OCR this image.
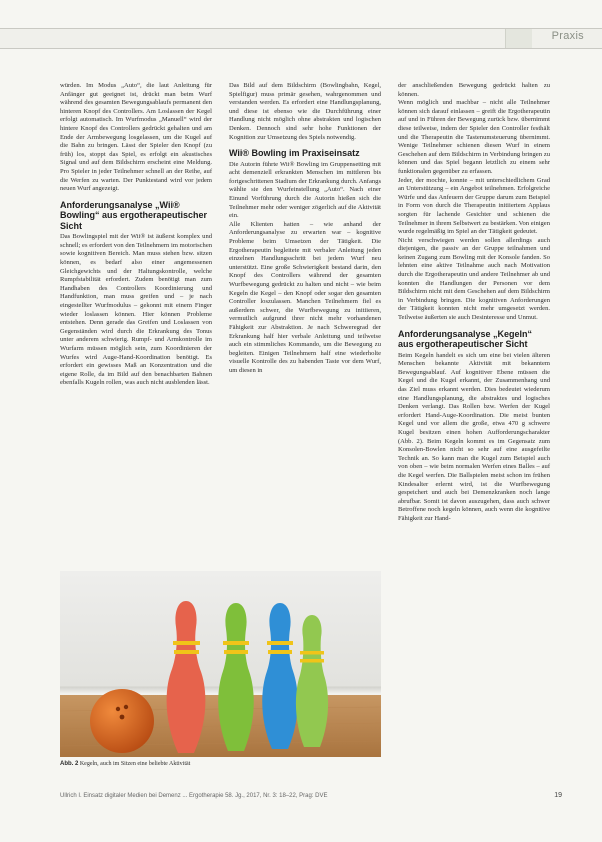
Praxis

würden. Im Modus „Auto“, die laut Anleitung für Anfänger gut geeignet ist, drückt man beim Wurf während des gesamten Bewegungsablaufs permanent den hinteren Knopf des Controllers. Am Loslassen der Kegel erfolgt automatisch. Im Wurfmodus „Manuell“ wird der hintere Knopf des Controllers gedrückt gehalten und am Ende der Armbewegung losgelassen, um die Kugel auf die Bahn zu bringen. Lässt der Spieler den Knopf (zu früh) los, stoppt das Spiel, es erfolgt ein akustisches Signal und auf dem Bildschirm erscheint eine Meldung. Pro Spieler in jeder Teilnehmer schnell an der Reihe, auf die Werfen zu warten. Der Punktestand wird vor jedem neuen Wurf angezeigt.

Anforderungsanalyse „Wii® Bowling“ aus ergotherapeutischer Sicht

Das Bowlingspiel mit der Wii® ist äußerst komplex und schnell; es erfordert von den Teilnehmern im motorischen sowie kognitiven Bereich. Man muss stehen bzw. sitzen können, es bedarf also einer angemessenen Gleichgewichts und der Haltungskontrolle, welche Rumpfstabilität erfordert. Zudem benötigt man zum Handhaben des Controllers Koordinierung und Handfunktion, man muss greifen und – je nach eingestellter Wurfmodulus – gekonnt mit einem Finger wieder loslassen können. Hier können Probleme entstehen. Denn gerade das Greifen und Loslassen von Gegenständen wird durch die Erkrankung des Tonus unter anderem schwierig. Rumpf- und Armkontrolle im Wurfarm müssen möglich sein, zum Koordinieren der Wurfes wird Auge-Hand-Koordination benötigt. Es erfordert ein gewisses Maß an Konzentration und die eigene Rolle, da im Bild auf den benachbarten Bahnen ebenfalls Kugeln rollen, was auch nicht ausblenden lässt.

Das Bild auf dem Bildschirm (Bowlingbahn, Kegel, Spielfigur) muss primär gesehen, wahrgenommen und verstanden werden. Es erfordert eine Handlungsplanung, und diese ist ebenso wie die Durchführung einer Handlung nicht möglich ohne abstrakten und logischen Denken. Dennoch sind sehr hohe Funktionen der Kognition zur Umsetzung des Spiels notwendig.

Wii® Bowling im Praxiseinsatz

Die Autorin führte Wii® Bowling im Gruppensetting mit acht demenziell erkrankten Menschen im mittleren bis fortgeschrittenen Stadium der Erkrankung durch. Anfangs wählte sie den Wurfeinstellung „Auto“. Nach einer Einund Vorführung durch die Autorin hießen sich die Teilnehmer mehr oder weniger zögerlich auf die Aktivität ein.

Alle Klienten hatten – wie anhand der Anforderungsanalyse zu erwarten war – kognitive Probleme beim Umsetzen der Tätigkeit. Die Ergotherapeutin begleitete mit verbaler Anleitung jeden einzelnen Handlungsschritt bei jedem Wurf neu unterstützt. Eine große Schwierigkeit bestand darin, den Knopf des Controllers während der gesamten Wurfbewegung gedrückt zu halten und nicht – wie beim Kegeln die Kegel – den Knopf oder sogar den gesamten Controller loszulassen. Manchen Teilnehmern fiel es außerdem schwer, die Wurfbewegung zu initiieren, vermutlich aufgrund ihrer nicht mehr vorhandenen Fähigkeit zur Abstraktion. Je nach Schweregrad der Erkrankung half hier verbale Anleitung und teilweise auch ein stimmliches Kommando, um die Bewegung zu begleiten. Einigen Teilnehmern half eine wiederholte visuelle Kontrolle des zu habenden Taste vor dem Wurf, um diesen in

der anschließenden Bewegung gedrückt halten zu können.

Wenn möglich und machbar – nicht alle Teilnehmer können sich darauf einlassen – greift die Ergotherapeutin auf und in Führen der Bewegung zurück bzw. übernimmt diese teilweise, indem der Spieler den Controller festhält und die Therapeutin die Tastenumsteuerung übernimmt. Wenige Teilnehmer schienen diesen Wurf in einem Geschehen auf dem Bildschirm in Verbindung bringen zu können und das Spiel begann letztlich zu einem sehr funktionalen gegenüber zu erfassen.

Jeder, der mochte, konnte – mit unterschiedlichem Grad an Unterstützung – ein Angebot teilnehmen. Erfolgreiche Würfe und das Anfeuern der Gruppe darum zum Beispiel in Form von durch die Therapeutin initiiertem Applaus sorgten für lachende Gesichter und schienen die Teilnehmer in ihrem Selbstwert zu bestärken. Von einigen wurde regelmäßig im Spiel an der Tätigkeit gedeutet.

Nicht verschwiegen werden sollen allerdings auch diejenigen, die passiv an der Gruppe teilnahmen und keinen Zugang zum Bowling mit der Konsole fanden. So lehnten eine aktive Teilnahme auch nach Motivation durch die Ergotherapeutin und andere Teilnehmer ab und konnten die Handlungen der Personen vor dem Bildschirm nicht mit dem Geschehen auf dem Bildschirm in Verbindung bringen. Die kognitiven Anforderungen der Tätigkeit konnten nicht mehr umgesetzt werden. Teilweise äußerten sie auch Desinteresse und Unmut.

Anforderungsanalyse „Kegeln“ aus ergotherapeutischer Sicht

Beim Kegeln handelt es sich um eine bei vielen älteren Menschen bekannte Aktivität mit bekanntem Bewegungsablauf. Auf kognitiver Ebene müssen die Kegel und die Kugel erkannt, der Zusammenhang und das Ziel muss erkannt werden. Dies bedeutet wiederum eine Handlungsplanung, die abstraktes und logisches Denken verlangt. Das Rollen bzw. Werfen der Kugel erfordert Hand-Auge-Koordination. Die meist bunten Kegel und vor allem die große, etwa 470 g schwere Kugel besitzen einen hohen Aufforderungscharakter (Abb. 2). Beim Kegeln kommt es im Gegensatz zum Konsolen-Bowlen nicht so sehr auf eine ausgefeilte Technik an. So kann man die Kugel zum Beispiel auch von oben – wie beim normalen Werfen eines Balles – auf die Kegel werfen. Die Ballspielen meist schon im frühen Kindesalter erlernt wird, ist die Wurfbewegung gespeichert und auch bei Demenzkranken noch lange abrufbar. Somit ist davon auszugehen, dass auch schwer Betroffene noch kegeln können, auch wenn die kognitive Fähigkeit zur Hand-

Abb. 2 Kegeln, auch im Sitzen eine beliebte Aktivität
Ullrich I. Einsatz digitaler Medien bei Demenz ... Ergotherapie 58. Jg., 2017, Nr. 3: 18–22, Prag: DVE	19
